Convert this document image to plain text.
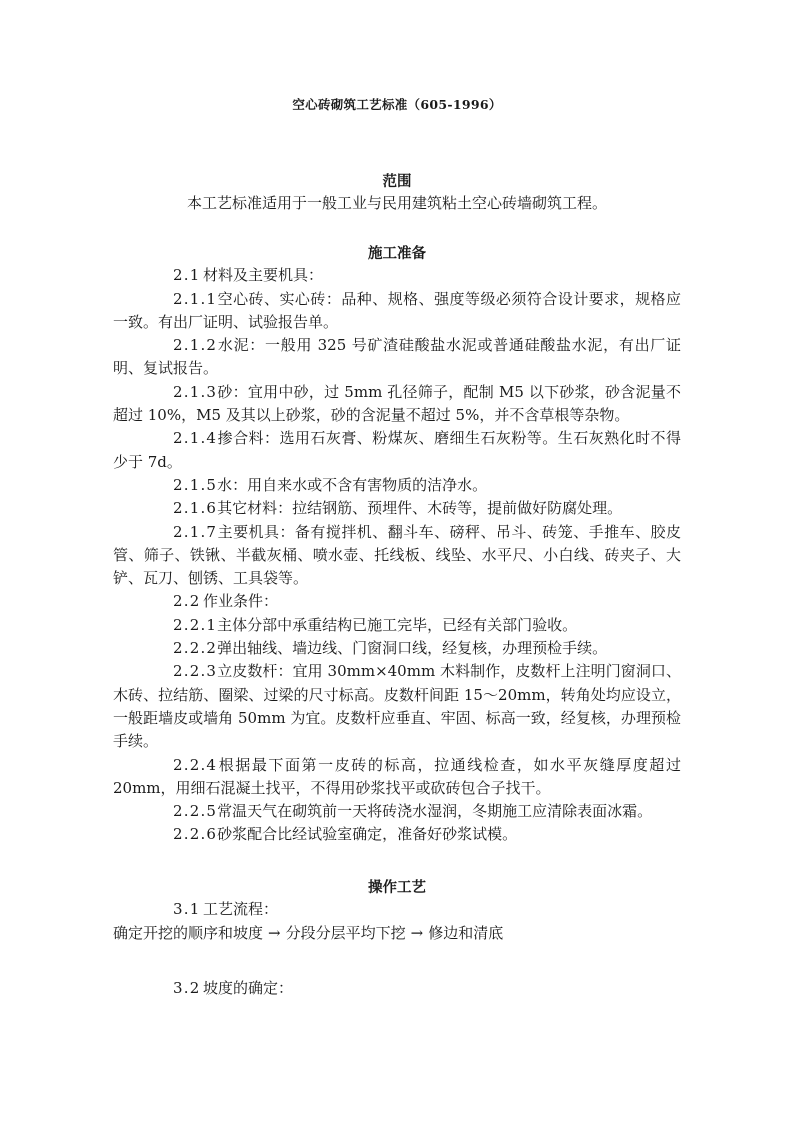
空心砖砌筑工艺标准（605-1996）
范围

本工艺标准适用于一般工业与民用建筑粘土空心砖墙砌筑工程。

施工准备

2.1 材料及主要机具：

2.1.1空心砖、实心砖：品种、规格、强度等级必须符合设计要求，规格应一致。有出厂证明、试验报告单。

2.1.2水泥：一般用 325 号矿渣硅酸盐水泥或普通硅酸盐水泥，有出厂证明、复试报告。

2.1.3砂：宜用中砂，过 5mm 孔径筛子，配制 M5 以下砂浆，砂含泥量不超过 10%，M5 及其以上砂浆，砂的含泥量不超过 5%，并不含草根等杂物。

2.1.4掺合料：选用石灰膏、粉煤灰、磨细生石灰粉等。生石灰熟化时不得少于 7d。

2.1.5水：用自来水或不含有害物质的洁净水。

2.1.6其它材料：拉结钢筋、预埋件、木砖等，提前做好防腐处理。

2.1.7主要机具：备有搅拌机、翻斗车、磅秤、吊斗、砖笼、手推车、胶皮管、筛子、铁锹、半截灰桶、喷水壶、托线板、线坠、水平尺、小白线、砖夹子、大铲、瓦刀、刨锈、工具袋等。

2.2 作业条件：

2.2.1主体分部中承重结构已施工完毕，已经有关部门验收。

2.2.2弹出轴线、墙边线、门窗洞口线，经复核，办理预检手续。

2.2.3立皮数杆：宜用 30mm×40mm 木料制作，皮数杆上注明门窗洞口、木砖、拉结筋、圈梁、过梁的尺寸标高。皮数杆间距 15～20mm，转角处均应设立，一般距墙皮或墙角 50mm 为宜。皮数杆应垂直、牢固、标高一致，经复核，办理预检手续。

2.2.4根据最下面第一皮砖的标高，拉通线检查，如水平灰缝厚度超过 20mm，用细石混凝土找平，不得用砂浆找平或砍砖包合子找干。

2.2.5常温天气在砌筑前一天将砖浇水湿润，冬期施工应清除表面冰霜。

2.2.6砂浆配合比经试验室确定，准备好砂浆试模。

操作工艺

3.1 工艺流程：

确定开挖的顺序和坡度 → 分段分层平均下挖 → 修边和清底

3.2 坡度的确定：
